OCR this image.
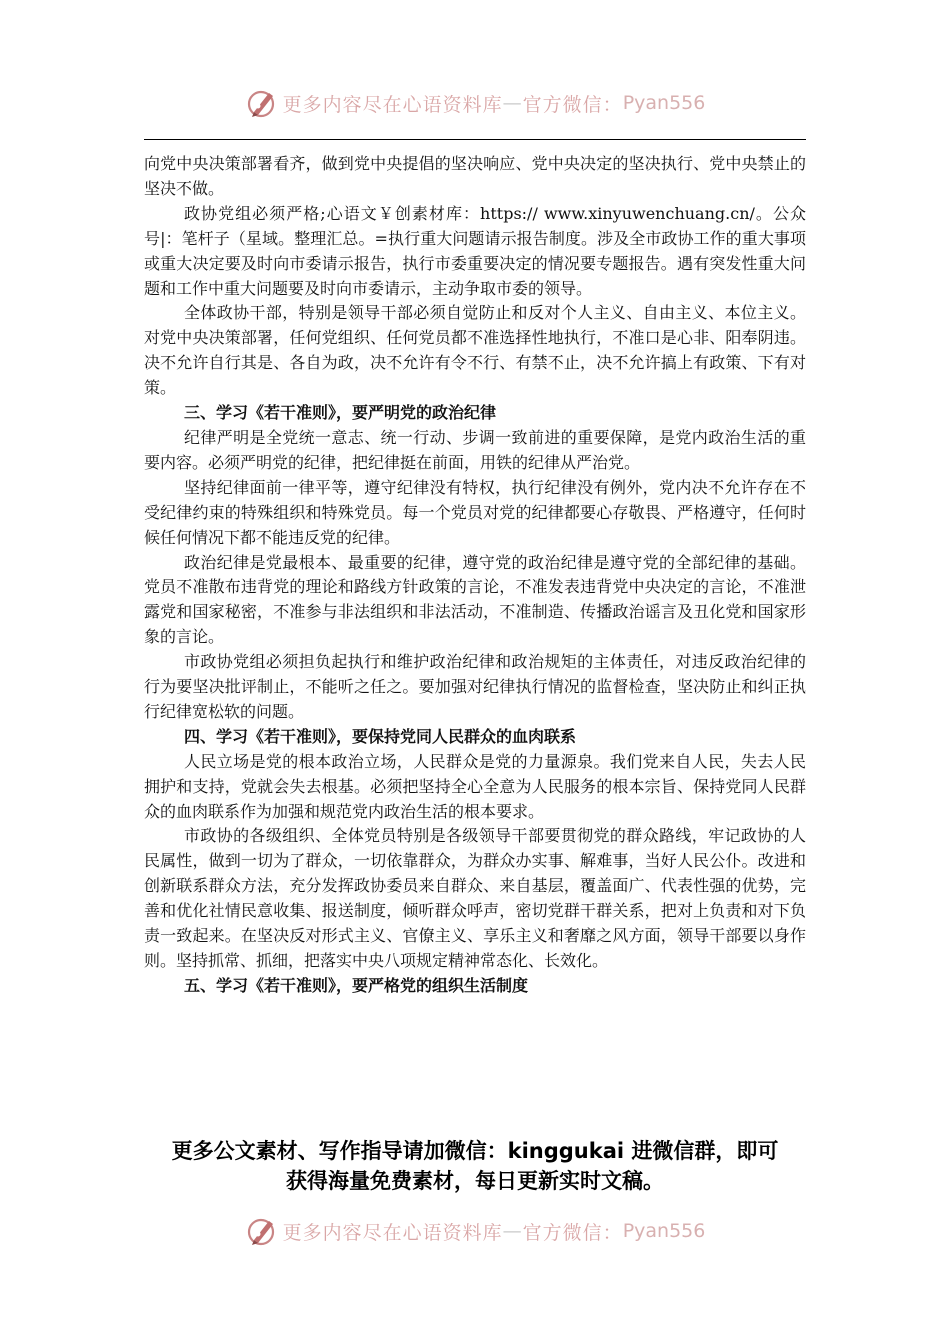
更多内容尽在心语资料库 — 官方微信： Pyan556

向党中央决策部署看齐，做到党中央提倡的坚决响应、党中央决定的坚决执行、党中央禁止的坚决不做。

政协党组必须严格;心语文￥创素材库：https:// www.xinyuwenchuang.cn/。公众号|：笔杆子（星域。整理汇总。=执行重大问题请示报告制度。涉及全市政协工作的重大事项或重大决定要及时向市委请示报告，执行市委重要决定的情况要专题报告。遇有突发性重大问题和工作中重大问题要及时向市委请示，主动争取市委的领导。

全体政协干部，特别是领导干部必须自觉防止和反对个人主义、自由主义、本位主义。对党中央决策部署，任何党组织、任何党员都不准选择性地执行，不准口是心非、阳奉阴违。决不允许自行其是、各自为政，决不允许有令不行、有禁不止，决不允许搞上有政策、下有对策。

三、学习《若干准则》，要严明党的政治纪律

纪律严明是全党统一意志、统一行动、步调一致前进的重要保障，是党内政治生活的重要内容。必须严明党的纪律，把纪律挺在前面，用铁的纪律从严治党。

坚持纪律面前一律平等，遵守纪律没有特权，执行纪律没有例外，党内决不允许存在不受纪律约束的特殊组织和特殊党员。每一个党员对党的纪律都要心存敬畏、严格遵守，任何时候任何情况下都不能违反党的纪律。

政治纪律是党最根本、最重要的纪律，遵守党的政治纪律是遵守党的全部纪律的基础。党员不准散布违背党的理论和路线方针政策的言论，不准发表违背党中央决定的言论，不准泄露党和国家秘密，不准参与非法组织和非法活动，不准制造、传播政治谣言及丑化党和国家形象的言论。

市政协党组必须担负起执行和维护政治纪律和政治规矩的主体责任，对违反政治纪律的行为要坚决批评制止，不能听之任之。要加强对纪律执行情况的监督检查，坚决防止和纠正执行纪律宽松软的问题。

四、学习《若干准则》，要保持党同人民群众的血肉联系

人民立场是党的根本政治立场，人民群众是党的力量源泉。我们党来自人民，失去人民拥护和支持，党就会失去根基。必须把坚持全心全意为人民服务的根本宗旨、保持党同人民群众的血肉联系作为加强和规范党内政治生活的根本要求。

市政协的各级组织、全体党员特别是各级领导干部要贯彻党的群众路线，牢记政协的人民属性，做到一切为了群众，一切依靠群众，为群众办实事、解难事，当好人民公仆。改进和创新联系群众方法，充分发挥政协委员来自群众、来自基层，覆盖面广、代表性强的优势，完善和优化社情民意收集、报送制度，倾听群众呼声，密切党群干群关系，把对上负责和对下负责一致起来。在坚决反对形式主义、官僚主义、享乐主义和奢靡之风方面，领导干部要以身作则。坚持抓常、抓细，把落实中央八项规定精神常态化、长效化。

五、学习《若干准则》，要严格党的组织生活制度

更多公文素材、写作指导请加微信：kinggukai 进微信群，即可
获得海量免费素材，每日更新实时文稿。
更多内容尽在心语资料库 — 官方微信： Pyan556
